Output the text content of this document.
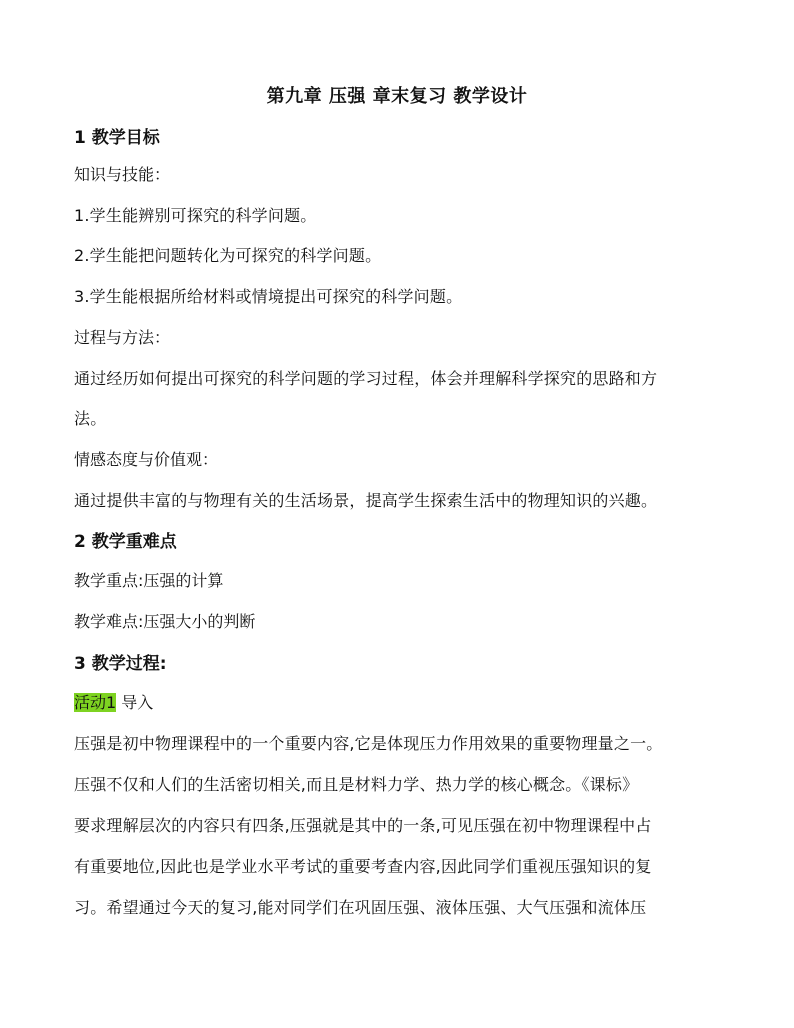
第九章 压强 章末复习 教学设计
1 教学目标
知识与技能：
1.学生能辨别可探究的科学问题。
2.学生能把问题转化为可探究的科学问题。
3.学生能根据所给材料或情境提出可探究的科学问题。
过程与方法：
通过经历如何提出可探究的科学问题的学习过程，体会并理解科学探究的思路和方
法。
情感态度与价值观：
通过提供丰富的与物理有关的生活场景，提高学生探索生活中的物理知识的兴趣。
2 教学重难点
教学重点:压强的计算
教学难点:压强大小的判断
3 教学过程:
活动1 导入
压强是初中物理课程中的一个重要内容,它是体现压力作用效果的重要物理量之一。
压强不仅和人们的生活密切相关,而且是材料力学、热力学的核心概念。《课标》
要求理解层次的内容只有四条,压强就是其中的一条,可见压强在初中物理课程中占
有重要地位,因此也是学业水平考试的重要考查内容,因此同学们重视压强知识的复
习。希望通过今天的复习,能对同学们在巩固压强、液体压强、大气压强和流体压
